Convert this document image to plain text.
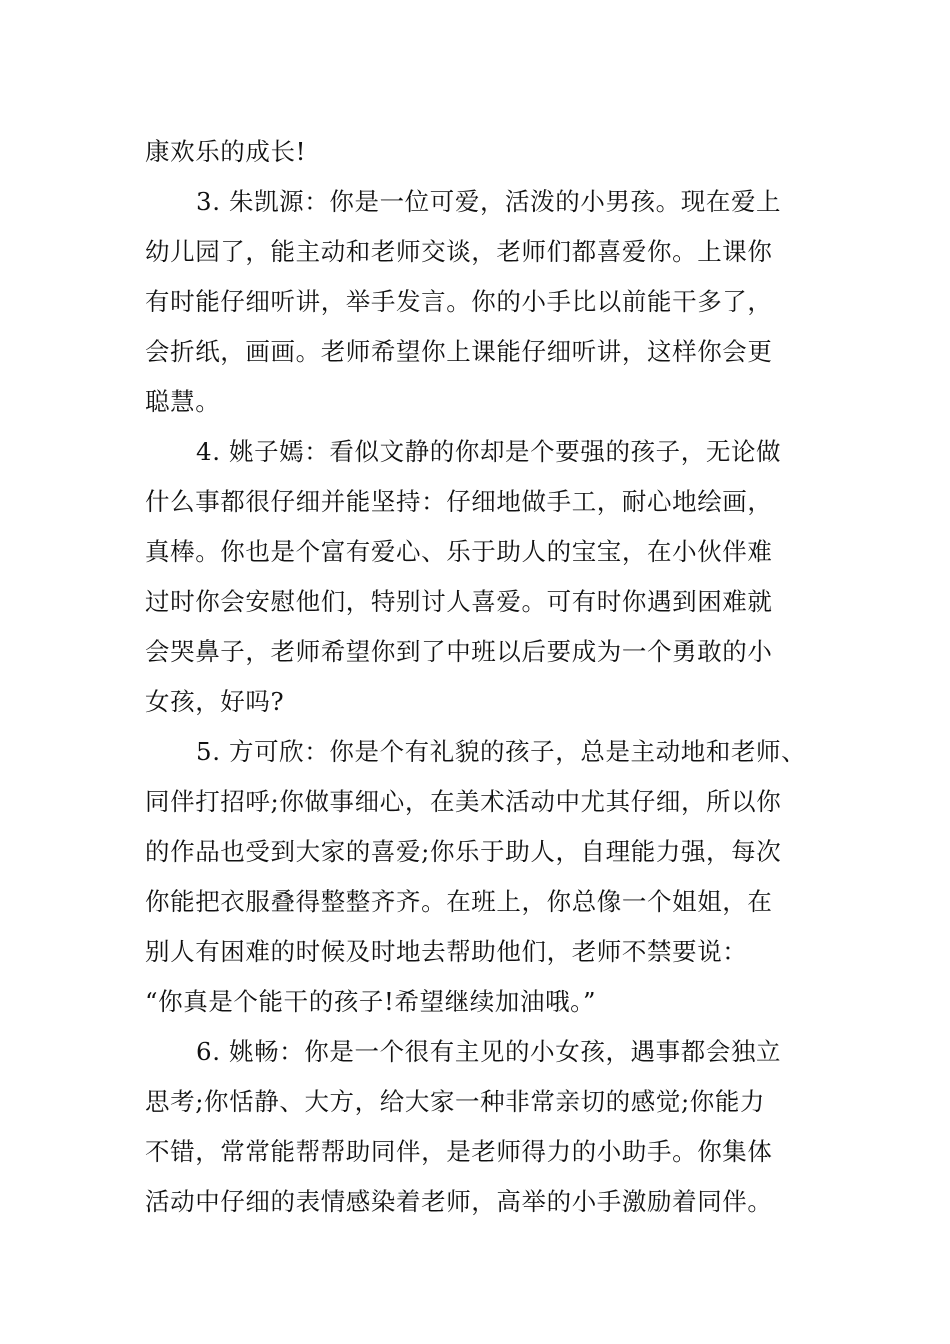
康欢乐的成长!
3. 朱凯源：你是一位可爱，活泼的小男孩。现在爱上
幼儿园了，能主动和老师交谈，老师们都喜爱你。上课你
有时能仔细听讲，举手发言。你的小手比以前能干多了，
会折纸，画画。老师希望你上课能仔细听讲，这样你会更
聪慧。
4. 姚子嫣：看似文静的你却是个要强的孩子，无论做
什么事都很仔细并能坚持：仔细地做手工，耐心地绘画，
真棒。你也是个富有爱心、乐于助人的宝宝，在小伙伴难
过时你会安慰他们，特别讨人喜爱。可有时你遇到困难就
会哭鼻子，老师希望你到了中班以后要成为一个勇敢的小
女孩，好吗?
5. 方可欣：你是个有礼貌的孩子，总是主动地和老师、
同伴打招呼;你做事细心，在美术活动中尤其仔细，所以你
的作品也受到大家的喜爱;你乐于助人，自理能力强，每次
你能把衣服叠得整整齐齐。在班上，你总像一个姐姐，在
别人有困难的时候及时地去帮助他们，老师不禁要说：
“你真是个能干的孩子!希望继续加油哦。”
6. 姚畅：你是一个很有主见的小女孩，遇事都会独立
思考;你恬静、大方，给大家一种非常亲切的感觉;你能力
不错，常常能帮帮助同伴，是老师得力的小助手。你集体
活动中仔细的表情感染着老师，高举的小手激励着同伴。
